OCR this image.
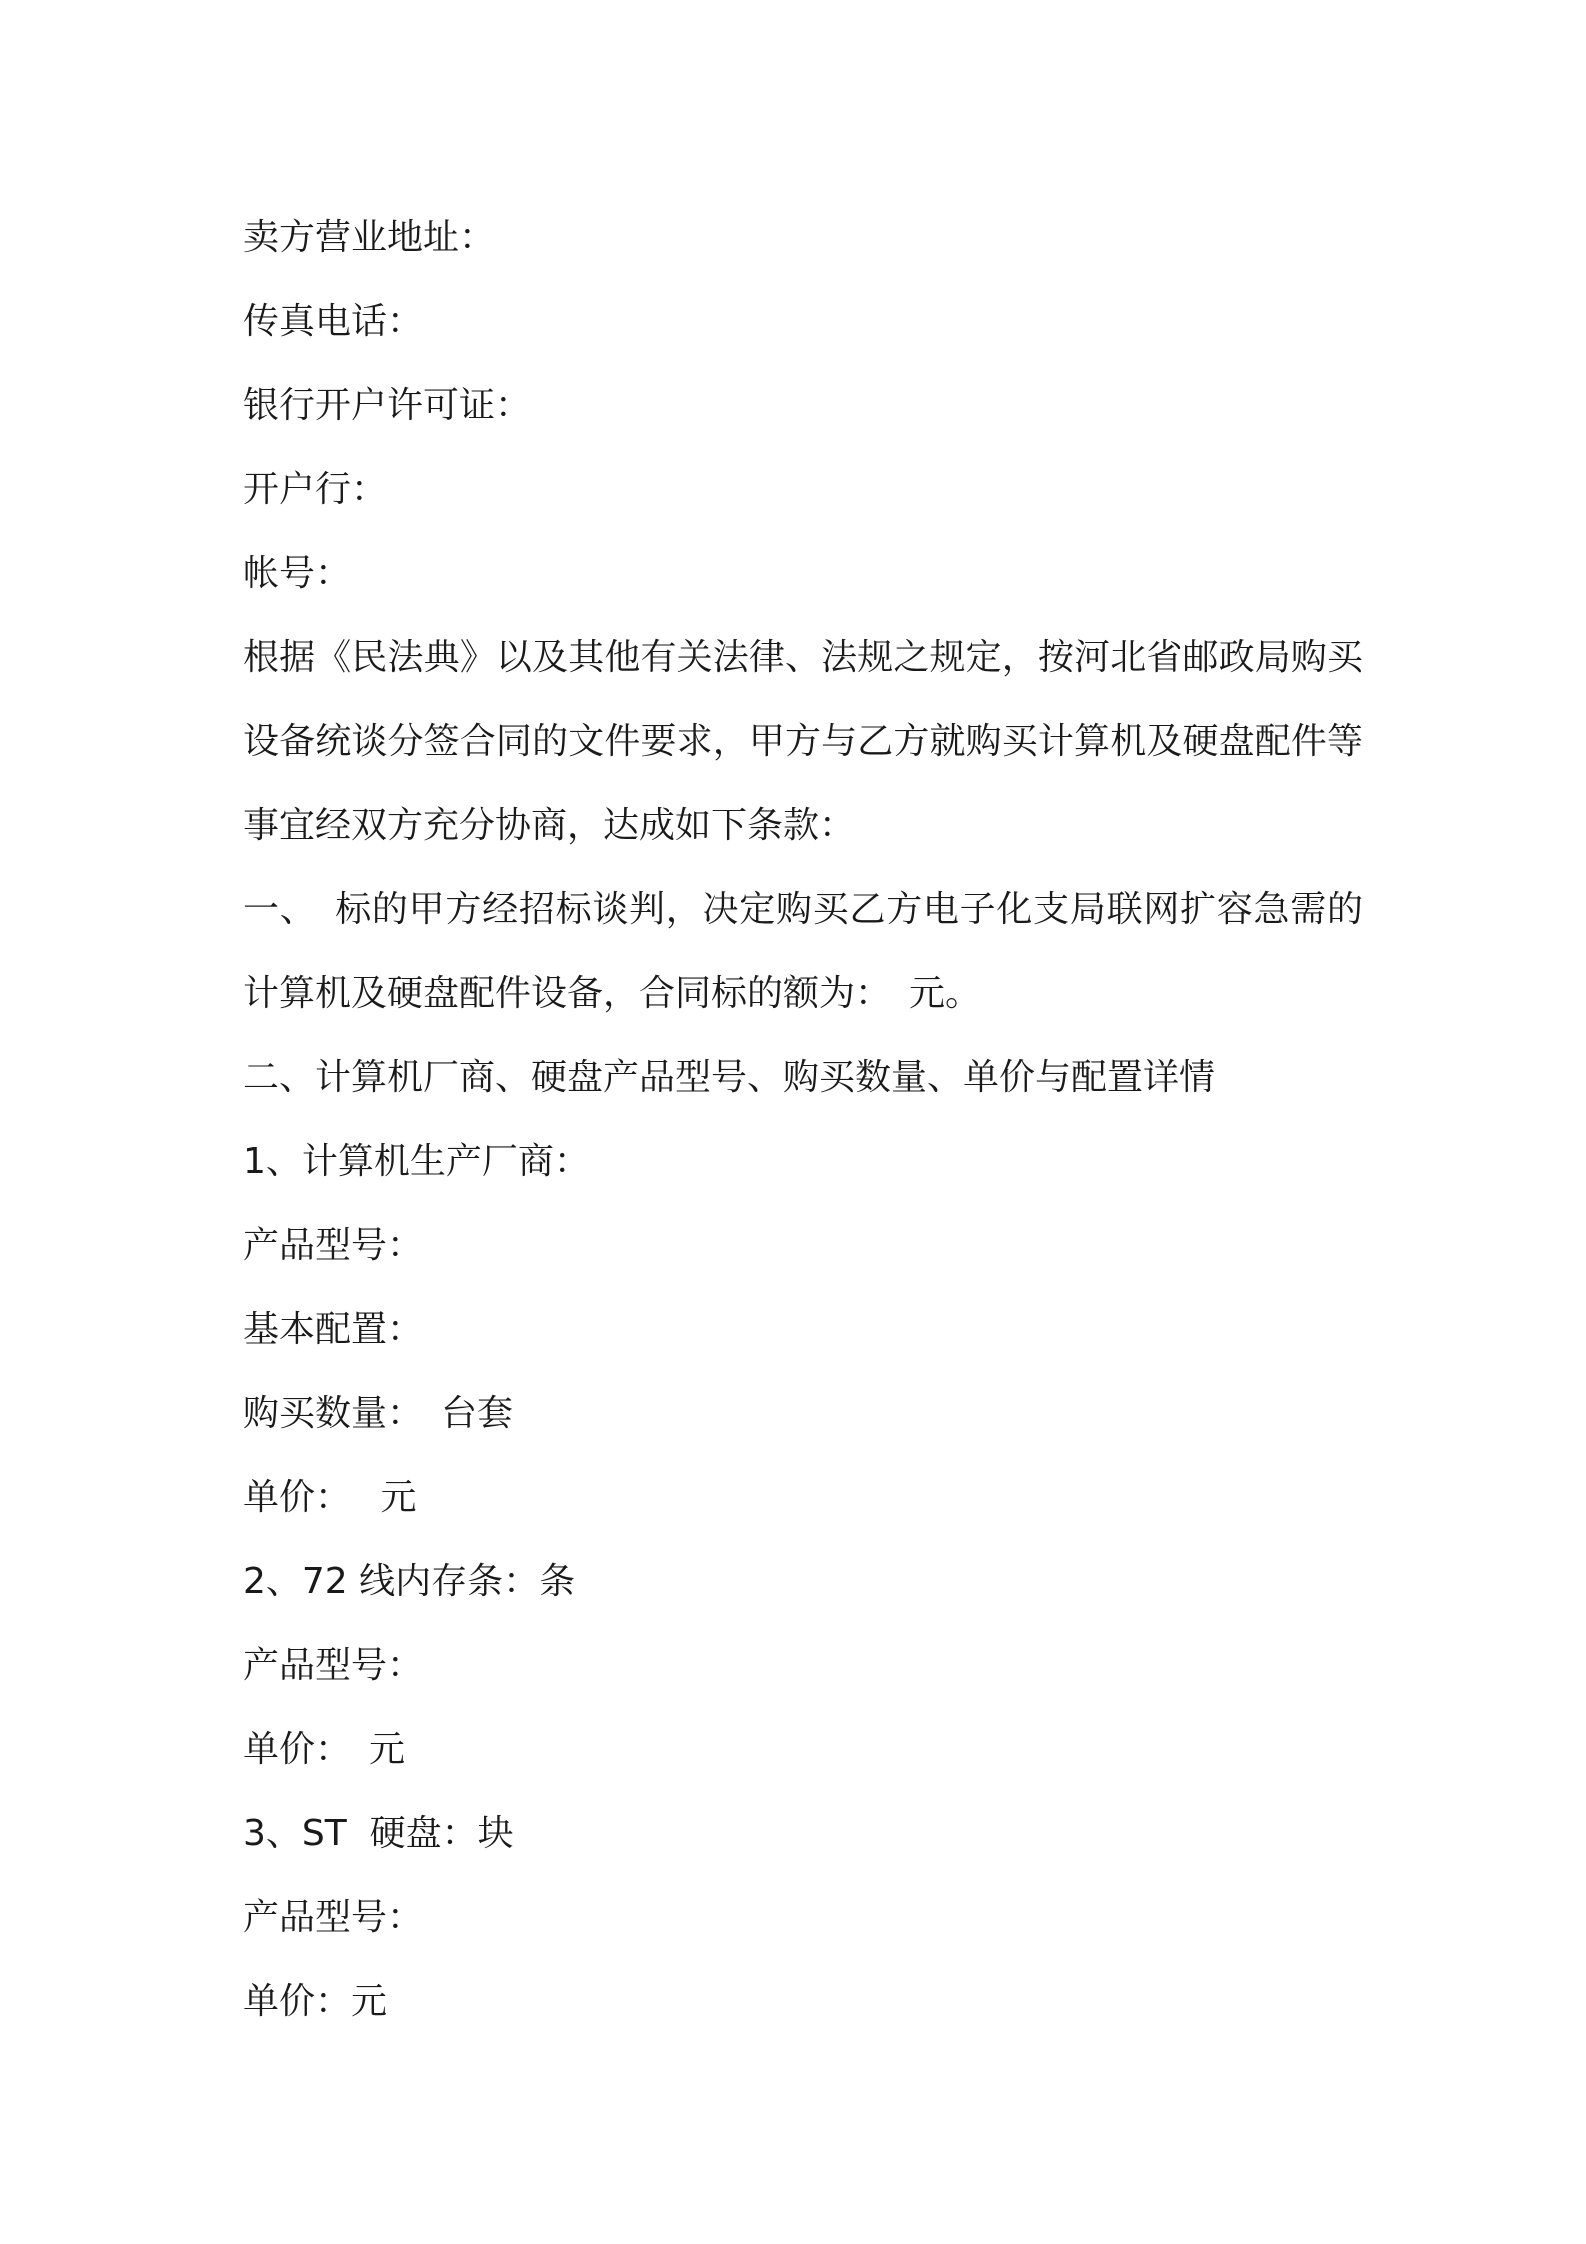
卖方营业地址：
传真电话：
银行开户许可证：
开户行：
帐号：
根据《民法典》以及其他有关法律、法规之规定，按河北省邮政局购买设备统谈分签合同的文件要求，甲方与乙方就购买计算机及硬盘配件等事宜经双方充分协商，达成如下条款：
一、　标的甲方经招标谈判，决定购买乙方电子化支局联网扩容急需的计算机及硬盘配件设备，合同标的额为：　元。
二、计算机厂商、硬盘产品型号、购买数量、单价与配置详情
1、计算机生产厂商：
产品型号：
基本配置：
购买数量：　台套
单价：　 元
2、72 线内存条：条
产品型号：
单价：　元
3、ST  硬盘：块
产品型号：
单价：元
